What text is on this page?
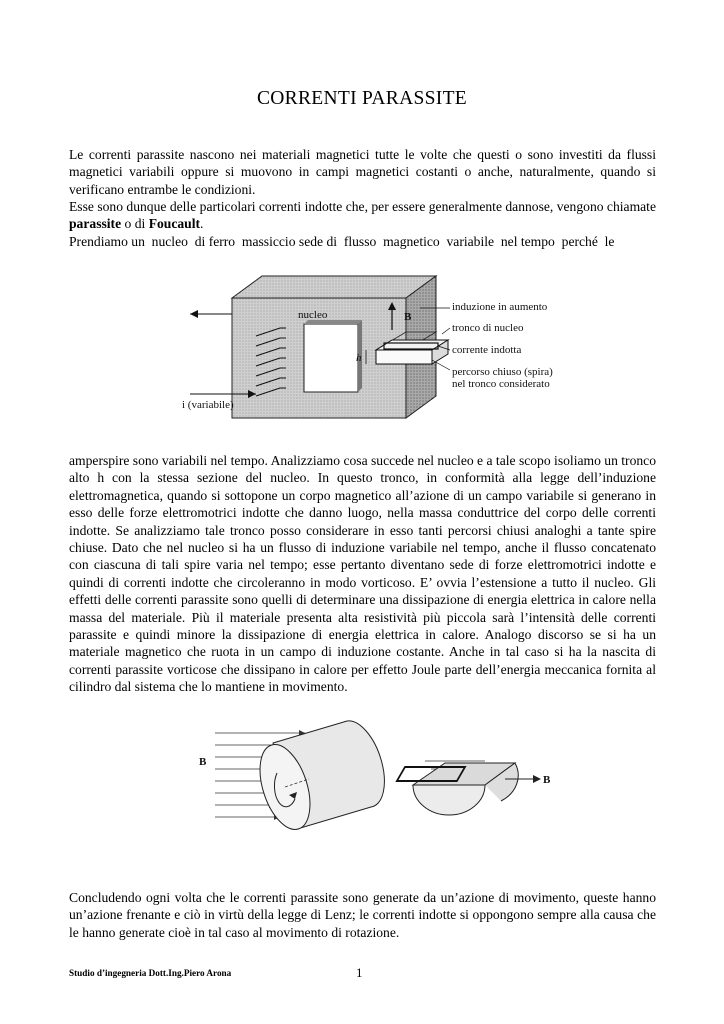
CORRENTI PARASSITE

Le correnti parassite nascono nei materiali magnetici tutte le volte che questi o sono investiti da flussi magnetici variabili oppure si muovono in campi magnetici costanti o anche, naturalmente, quando si verificano entrambe le condizioni.

Esse sono dunque delle particolari correnti indotte che, per essere generalmente dannose, vengono chiamate parassite o di Foucault.

Prendiamo un  nucleo  di ferro  massiccio sede di  flusso  magnetico  variabile  nel tempo  perché  le

nucleo
i (variabile)
B
h
induzione in aumento
tronco di nucleo
corrente indotta
percorso chiuso (spira)
nel tronco considerato

amperspire sono variabili nel tempo. Analizziamo cosa succede nel nucleo e a tale scopo isoliamo un tronco alto h con la stessa sezione del nucleo. In questo tronco, in conformità alla legge dell’induzione elettromagnetica, quando si sottopone un corpo magnetico all’azione di un campo variabile si generano in esso delle forze elettromotrici indotte che danno luogo, nella massa conduttrice del corpo delle correnti indotte. Se analizziamo tale tronco posso considerare in esso tanti percorsi chiusi analoghi a tante spire chiuse. Dato che nel nucleo si ha un flusso di induzione variabile nel tempo, anche il flusso concatenato con ciascuna di tali spire varia nel tempo; esse pertanto diventano sede di forze elettromotrici indotte e quindi di correnti indotte che circoleranno in modo vorticoso. E’ ovvia l’estensione a tutto il nucleo. Gli effetti delle correnti parassite sono quelli di determinare una dissipazione di energia elettrica in calore nella massa del materiale. Più il materiale presenta alta resistività più piccola sarà l’intensità delle correnti parassite e quindi minore la dissipazione di energia elettrica in calore. Analogo discorso se si ha un materiale magnetico che ruota in un campo di induzione costante. Anche in tal caso si ha la nascita di correnti parassite vorticose che dissipano in calore per effetto Joule parte dell’energia meccanica fornita al cilindro dal sistema che lo mantiene in movimento.

B
B

Concludendo ogni volta che le correnti parassite sono generate da un’azione di movimento, queste hanno un’azione frenante e ciò in virtù della legge di Lenz; le correnti indotte si oppongono sempre alla causa che le hanno generate cioè in tal caso al movimento di rotazione.

Studio d’ingegneria Dott.Ing.Piero Arona	1
